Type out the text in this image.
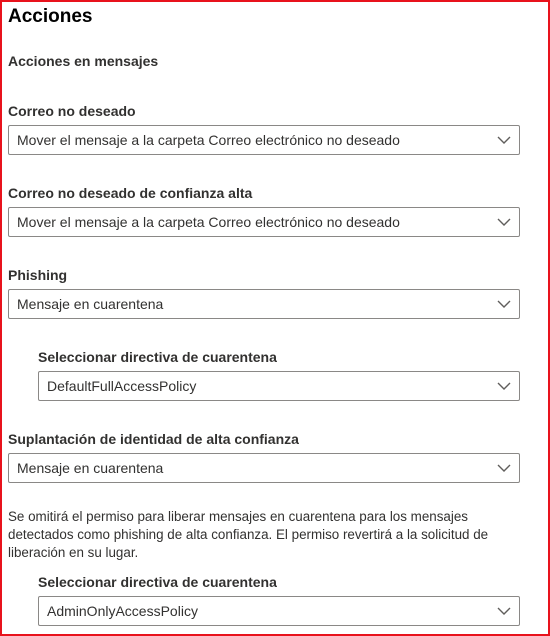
Acciones
Acciones en mensajes
Correo no deseado
Mover el mensaje a la carpeta Correo electrónico no deseado
Correo no deseado de confianza alta
Mover el mensaje a la carpeta Correo electrónico no deseado
Phishing
Mensaje en cuarentena
Seleccionar directiva de cuarentena
DefaultFullAccessPolicy
Suplantación de identidad de alta confianza
Mensaje en cuarentena
Se omitirá el permiso para liberar mensajes en cuarentena para los mensajes detectados como phishing de alta confianza. El permiso revertirá a la solicitud de liberación en su lugar.
Seleccionar directiva de cuarentena
AdminOnlyAccessPolicy
